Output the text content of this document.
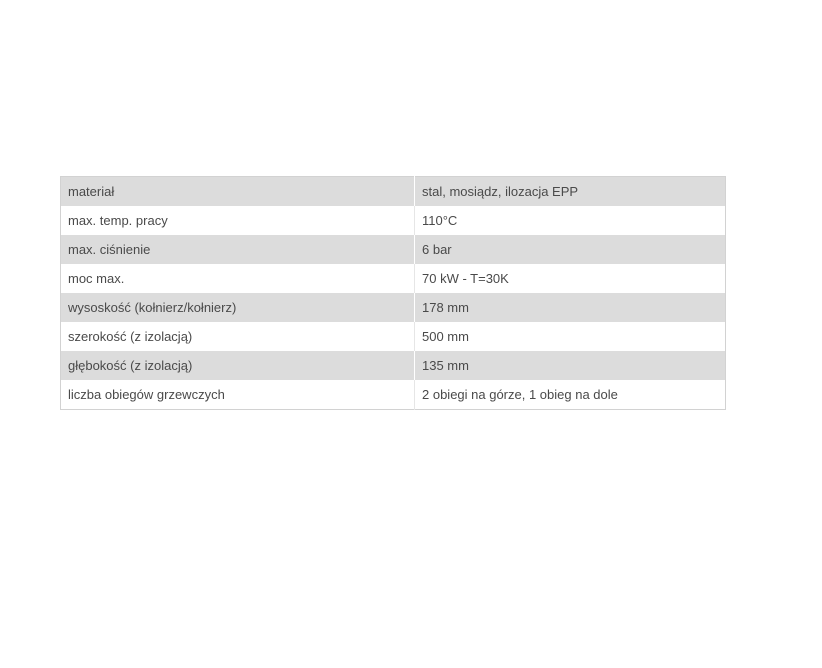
materiał	stal, mosiądz, ilozacja EPP
max. temp. pracy	110°C
max. ciśnienie	6 bar
moc max.	70 kW - T=30K
wysoskość (kołnierz/kołnierz)	178 mm
szerokość (z izolacją)	500 mm
głębokość (z izolacją)	135 mm
liczba obiegów grzewczych	2 obiegi na górze, 1 obieg na dole
